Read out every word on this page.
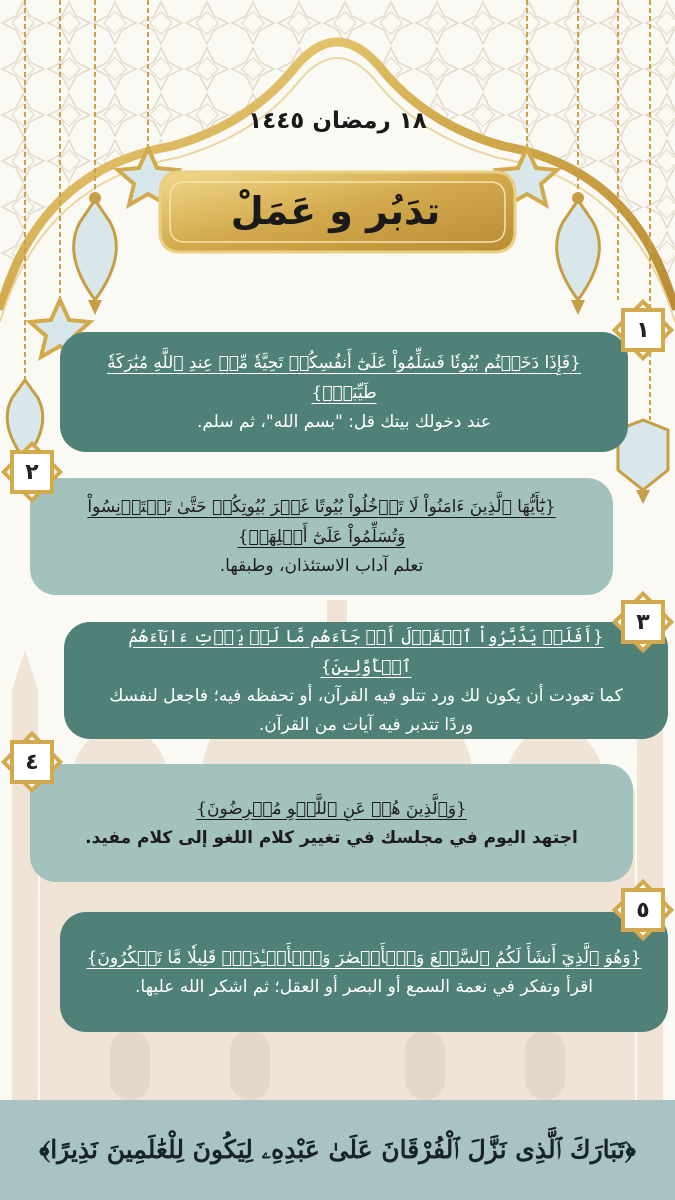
١٨ رمضان ١٤٤٥
تدَبُر و عَمَلْ
{فَإِذَا دَخَلۡتُم بُيُوتٗا فَسَلِّمُواْ عَلَىٰٓ أَنفُسِكُمۡ تَحِيَّةٗ مِّنۡ عِندِ ٱللَّهِ مُبَٰرَكَةٗ طَيِّبَةٗۚ}
عند دخولك بيتك قل: "بسم الله"، ثم سلم.
١
{يَٰٓأَيُّهَا ٱلَّذِينَ ءَامَنُواْ لَا تَدۡخُلُواْ بُيُوتًا غَيۡرَ بُيُوتِكُمۡ حَتَّىٰ تَسۡتَأۡنِسُواْ
وَتُسَلِّمُواْ عَلَىٰٓ أَهۡلِهَاۚ}
تعلم آداب الاستئذان، وطبقها.
٢
{أَفَلَمۡ يَدَّبَّرُواْ ٱلۡقَوۡلَ أَمۡ جَآءَهُم مَّا لَمۡ يَأۡتِ ءَابَآءَهُمُ ٱلۡأَوَّلِينَ}
كما تعودت أن يكون لك ورد تتلو فيه القرآن، أو تحفظه فيه؛ فاجعل لنفسك
وردًا تتدبر فيه آيات من القرآن.
٣
{وَٱلَّذِينَ هُمۡ عَنِ ٱللَّغۡوِ مُعۡرِضُونَ}
اجتهد اليوم في مجلسك في تغيير كلام اللغو إلى كلام مفيد.
٤
{وَهُوَ ٱلَّذِيٓ أَنشَأَ لَكُمُ ٱلسَّمۡعَ وَٱلۡأَبۡصَٰرَ وَٱلۡأَفۡـِٔدَةَۚ قَلِيلٗا مَّا تَشۡكُرُونَ}
اقرأ وتفكر في نعمة السمع أو البصر أو العقل؛ ثم اشكر الله عليها.
٥
﴿تَبَارَكَ ٱلَّذِى نَزَّلَ ٱلْفُرْقَانَ عَلَىٰ عَبْدِهِۦ لِيَكُونَ لِلْعَٰلَمِينَ نَذِيرًا﴾
